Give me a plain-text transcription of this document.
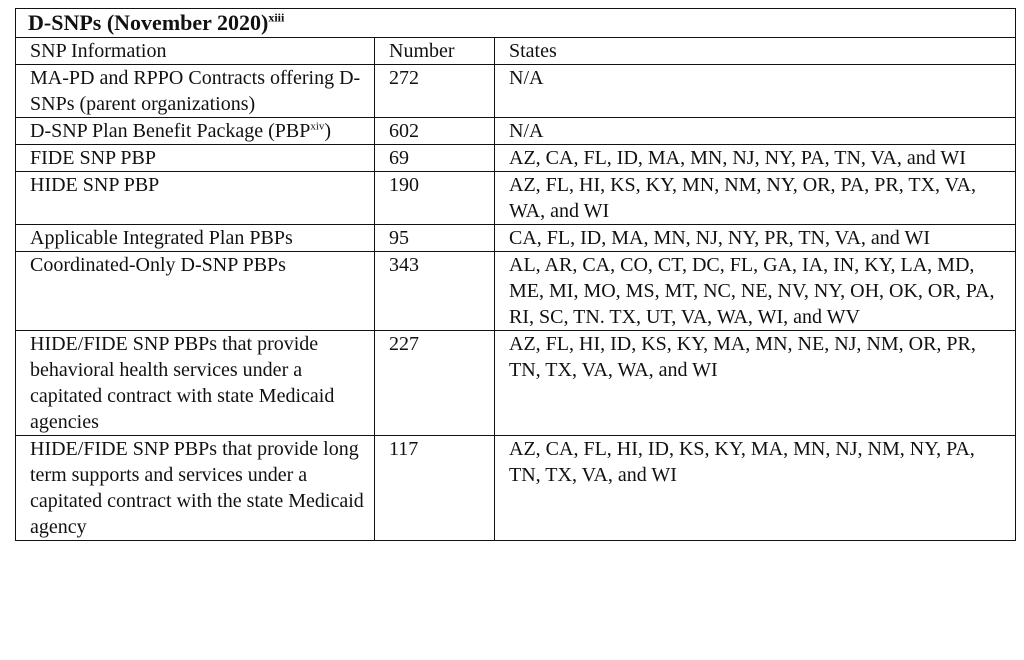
D-SNPs (November 2020)$^{xiii}$
SNP Information	Number	States
MA-PD and RPPO Contracts offering D-SNPs (parent organizations)	272	N/A
D-SNP Plan Benefit Package (PBP$^{xiv}$)	602	N/A
FIDE SNP PBP	69	AZ, CA, FL, ID, MA, MN, NJ, NY, PA, TN, VA, and WI
HIDE SNP PBP	190	AZ, FL, HI, KS, KY, MN, NM, NY, OR, PA, PR, TX, VA, WA, and WI
Applicable Integrated Plan PBPs	95	CA, FL, ID, MA, MN, NJ, NY, PR, TN, VA, and WI
Coordinated-Only D-SNP PBPs	343	AL, AR, CA, CO, CT, DC, FL, GA, IA, IN, KY, LA, MD, ME, MI, MO, MS, MT, NC, NE, NV, NY, OH, OK, OR, PA, RI, SC, TN. TX, UT, VA, WA, WI, and WV
HIDE/FIDE SNP PBPs that provide behavioral health services under a capitated contract with state Medicaid agencies	227	AZ, FL, HI, ID, KS, KY, MA, MN, NE, NJ, NM, OR, PR, TN, TX, VA, WA, and WI
HIDE/FIDE SNP PBPs that provide long term supports and services under a capitated contract with the state Medicaid agency	117	AZ, CA, FL, HI, ID, KS, KY, MA, MN, NJ, NM, NY, PA, TN, TX, VA, and WI
